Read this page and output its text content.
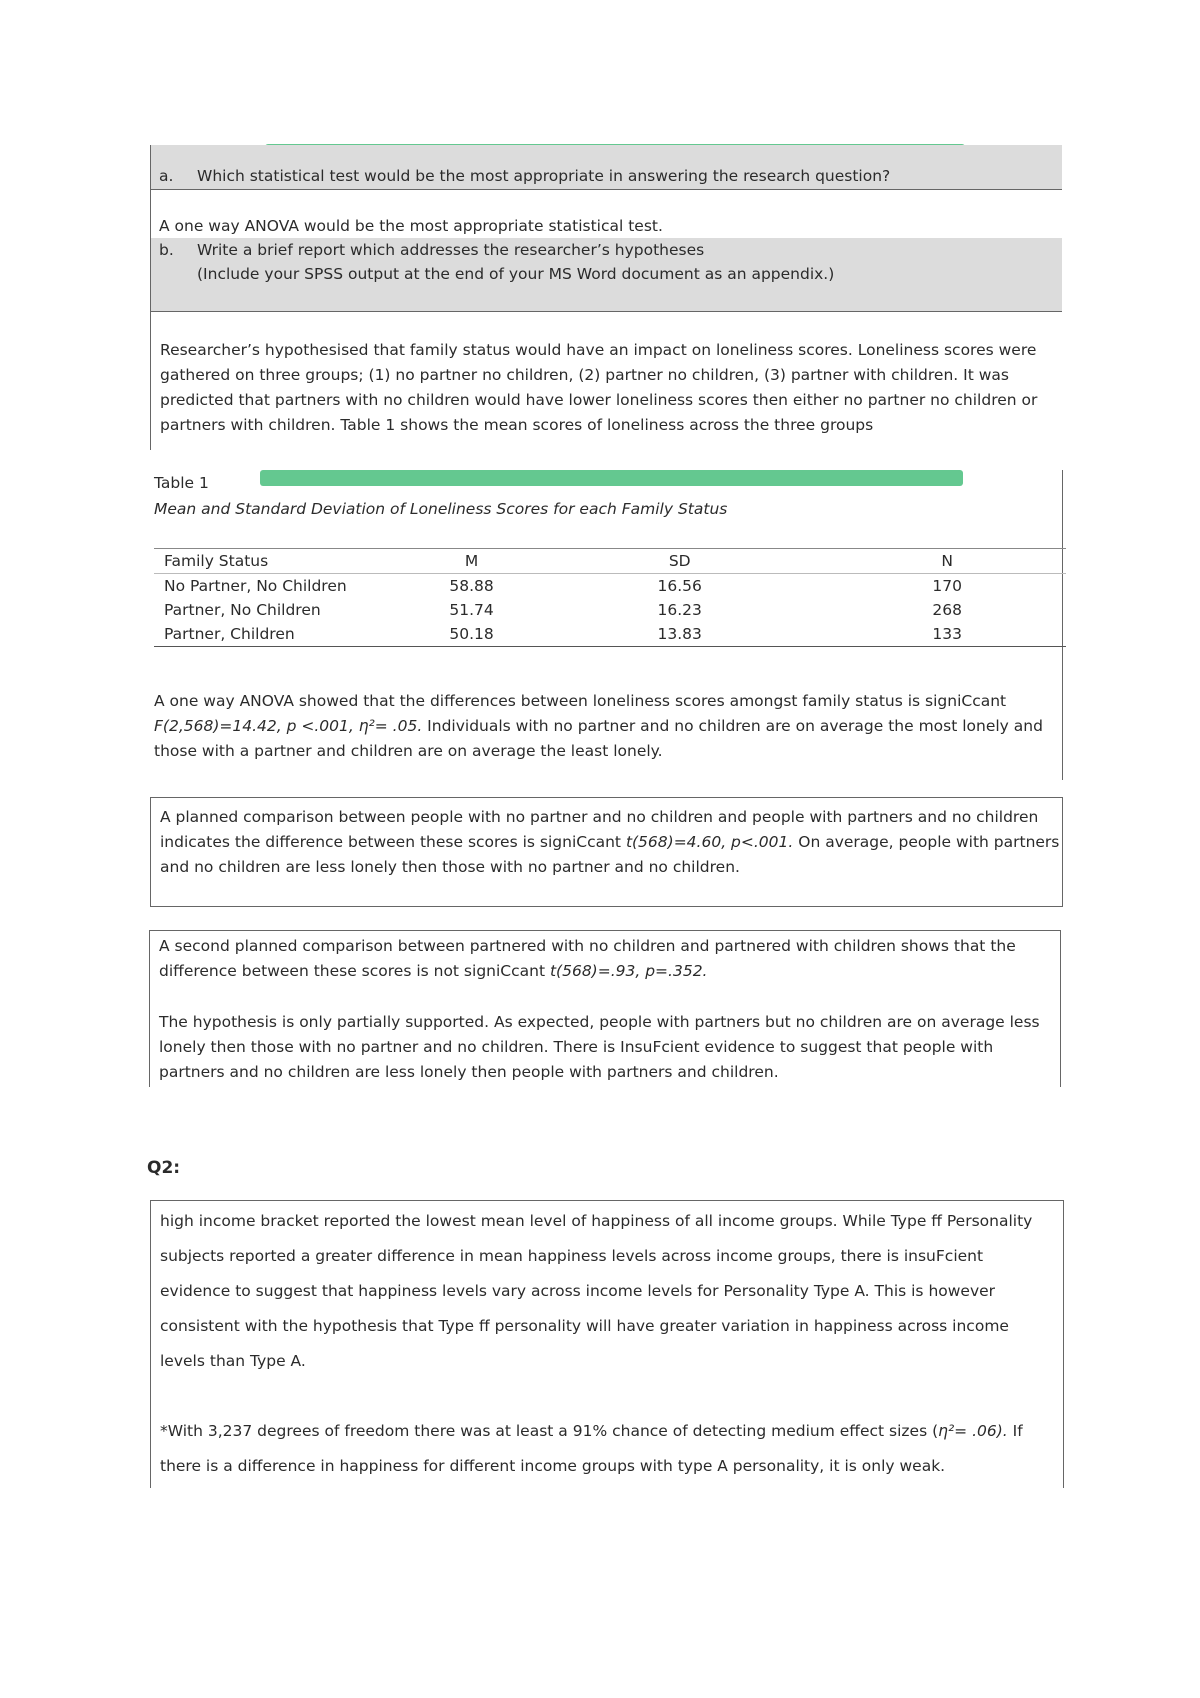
a. Which statistical test would be the most appropriate in answering the research question?
A one way ANOVA would be the most appropriate statistical test.
b. Write a brief report which addresses the researcher’s hypotheses
(Include your SPSS output at the end of your MS Word document as an appendix.)

Researcher’s hypothesised that family status would have an impact on loneliness scores. Loneliness scores were

gathered on three groups; (1) no partner no children, (2) partner no children, (3) partner with children. It was

predicted that partners with no children would have lower loneliness scores then either no partner no children or

partners with children. Table 1 shows the mean scores of loneliness across the three groups

Table 1
Mean and Standard Deviation of Loneliness Scores for each Family Status
Family Status	M	SD	N
No Partner, No Children	58.88	16.56	170
Partner, No Children	51.74	16.23	268
Partner, Children	50.18	13.83	133

A one way ANOVA showed that the differences between loneliness scores amongst family status is signiCcant

F(2,568)=14.42, p <.001, η²= .05. Individuals with no partner and no children are on average the most lonely and

those with a partner and children are on average the least lonely.

A planned comparison between people with no partner and no children and people with partners and no children

indicates the difference between these scores is signiCcant t(568)=4.60, p<.001. On average, people with partners

and no children are less lonely then those with no partner and no children.

A second planned comparison between partnered with no children and partnered with children shows that the

difference between these scores is not signiCcant t(568)=.93, p=.352.

The hypothesis is only partially supported. As expected, people with partners but no children are on average less

lonely then those with no partner and no children. There is InsuFcient evidence to suggest that people with

partners and no children are less lonely then people with partners and children.

Q2:

high income bracket reported the lowest mean level of happiness of all income groups. While Type ff Personality

subjects reported a greater difference in mean happiness levels across income groups, there is insuFcient

evidence to suggest that happiness levels vary across income levels for Personality Type A. This is however

consistent with the hypothesis that Type ff personality will have greater variation in happiness across income

levels than Type A.

*With 3,237 degrees of freedom there was at least a 91% chance of detecting medium effect sizes (η²= .06). If

there is a difference in happiness for different income groups with type A personality, it is only weak.
